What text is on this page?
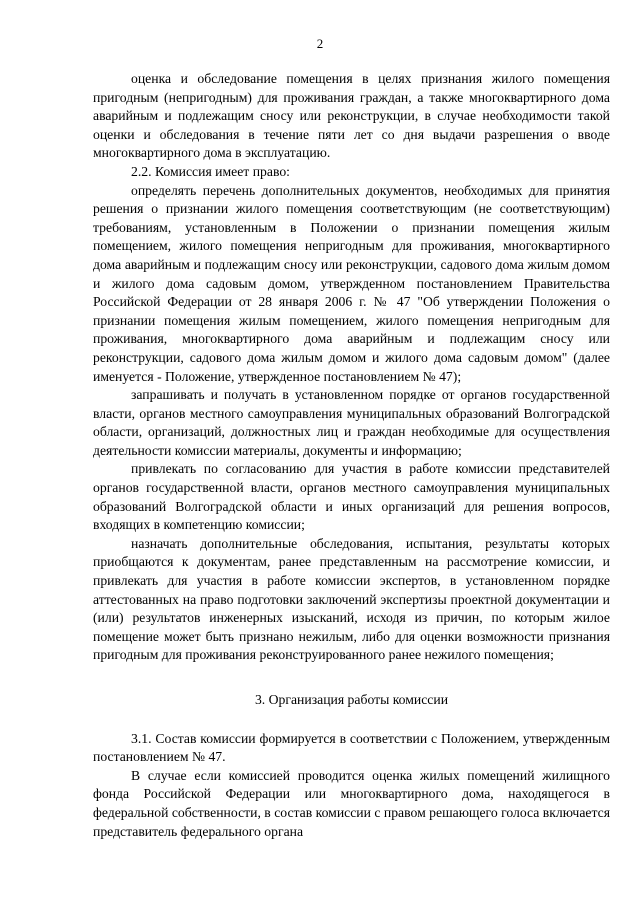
2

оценка и обследование помещения в целях признания жилого помещения пригодным (непригодным) для проживания граждан, а также многоквартирного дома аварийным и подлежащим сносу или реконструкции, в случае необходимости такой оценки и обследования в течение пяти лет со дня выдачи разрешения о вводе многоквартирного дома в эксплуатацию.

2.2. Комиссия имеет право:

определять перечень дополнительных документов, необходимых для принятия решения о признании жилого помещения соответствующим (не соответствующим) требованиям, установленным в Положении о признании помещения жилым помещением, жилого помещения непригодным для проживания, многоквартирного дома аварийным и подлежащим сносу или реконструкции, садового дома жилым домом и жилого дома садовым домом, утвержденном постановлением Правительства Российской Федерации от 28 января 2006 г. № 47 "Об утверждении Положения о признании помещения жилым помещением, жилого помещения непригодным для проживания, многоквартирного дома аварийным и подлежащим сносу или реконструкции, садового дома жилым домом и жилого дома садовым домом" (далее именуется - Положение, утвержденное постановлением № 47);

запрашивать и получать в установленном порядке от органов государственной власти, органов местного самоуправления муниципальных образований Волгоградской области, организаций, должностных лиц и граждан необходимые для осуществления деятельности комиссии материалы, документы и информацию;

привлекать по согласованию для участия в работе комиссии представителей органов государственной власти, органов местного самоуправления муниципальных образований Волгоградской области и иных организаций для решения вопросов, входящих в компетенцию комиссии;

назначать дополнительные обследования, испытания, результаты которых приобщаются к документам, ранее представленным на рассмотрение комиссии, и привлекать для участия в работе комиссии экспертов, в установленном порядке аттестованных на право подготовки заключений экспертизы проектной документации и (или) результатов инженерных изысканий, исходя из причин, по которым жилое помещение может быть признано нежилым, либо для оценки возможности признания пригодным для проживания реконструированного ранее нежилого помещения;

3. Организация работы комиссии

3.1. Состав комиссии формируется в соответствии с Положением, утвержденным постановлением № 47.

В случае если комиссией проводится оценка жилых помещений жилищного фонда Российской Федерации или многоквартирного дома, находящегося в федеральной собственности, в состав комиссии с правом решающего голоса включается представитель федерального органа
